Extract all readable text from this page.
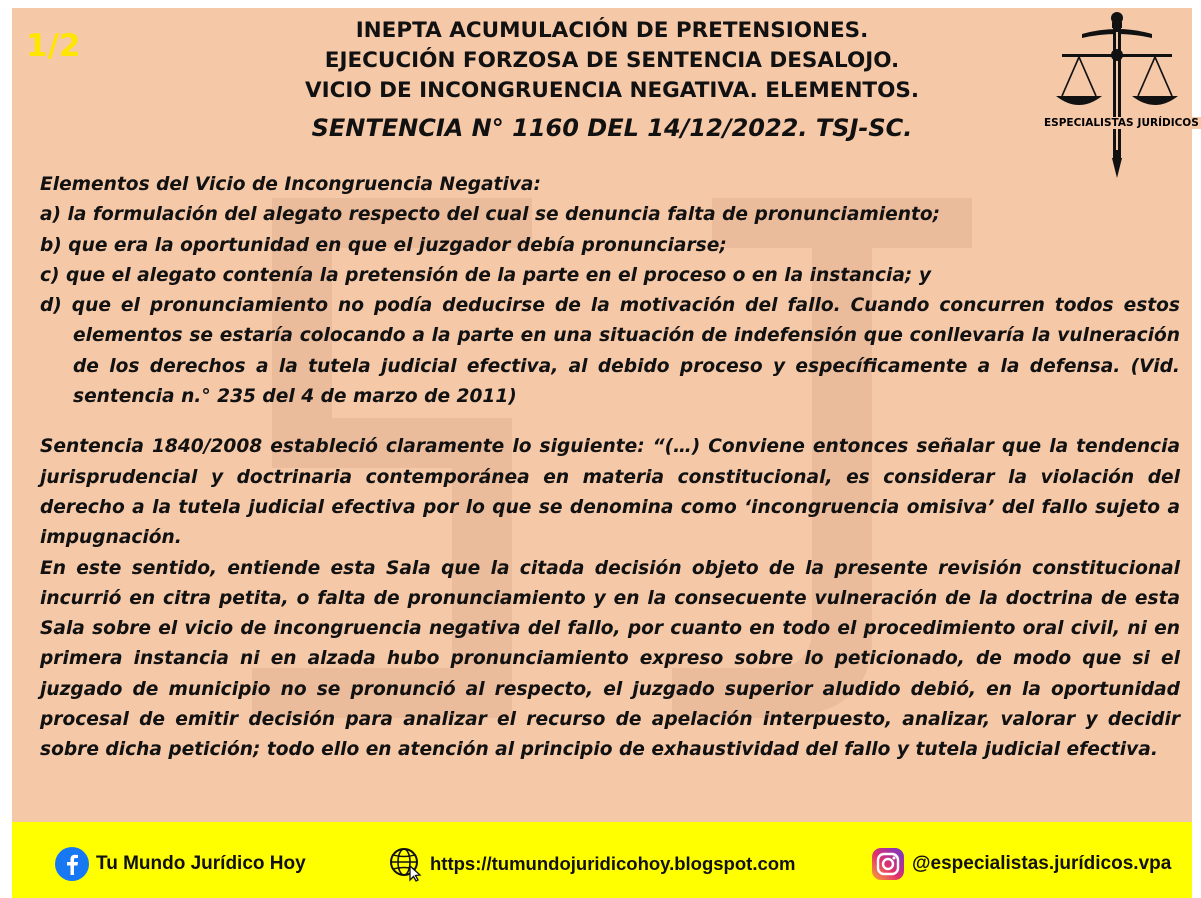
1/2	INEPTA ACUMULACIÓN DE PRETENSIONES.
EJECUCIÓN FORZOSA DE SENTENCIA DESALOJO.
VICIO DE INCONGRUENCIA NEGATIVA. ELEMENTOS.
SENTENCIA N° 1160 DEL 14/12/2022. TSJ-SC.	ESPECIALISTAS JURÍDICOS

Elementos del Vicio de Incongruencia Negativa:

a) la formulación del alegato respecto del cual se denuncia falta de pronunciamiento;

b) que era la oportunidad en que el juzgador debía pronunciarse;

c) que el alegato contenía la pretensión de la parte en el proceso o en la instancia; y

d) que el pronunciamiento no podía deducirse de la motivación del fallo. Cuando concurren todos estos elementos se estaría colocando a la parte en una situación de indefensión que conllevaría la vulneración de los derechos a la tutela judicial efectiva, al debido proceso y específicamente a la defensa. (Vid. sentencia n.° 235 del 4 de marzo de 2011)

Sentencia 1840/2008 estableció claramente lo siguiente: “(…) Conviene entonces señalar que la tendencia jurisprudencial y doctrinaria contemporánea en materia constitucional, es considerar la violación del derecho a la tutela judicial efectiva por lo que se denomina como ‘incongruencia omisiva’ del fallo sujeto a impugnación.

En este sentido, entiende esta Sala que la citada decisión objeto de la presente revisión constitucional incurrió en citra petita, o falta de pronunciamiento y en la consecuente vulneración de la doctrina de esta Sala sobre el vicio de incongruencia negativa del fallo, por cuanto en todo el procedimiento oral civil, ni en primera instancia ni en alzada hubo pronunciamiento expreso sobre lo peticionado, de modo que si el juzgado de municipio no se pronunció al respecto, el juzgado superior aludido debió, en la oportunidad procesal de emitir decisión para analizar el recurso de apelación interpuesto, analizar, valorar y decidir sobre dicha petición; todo ello en atención al principio de exhaustividad del fallo y tutela judicial efectiva.

Tu Mundo Jurídico Hoy	https://tumundojuridicohoy.blogspot.com	@especialistas.jurídicos.vpa
